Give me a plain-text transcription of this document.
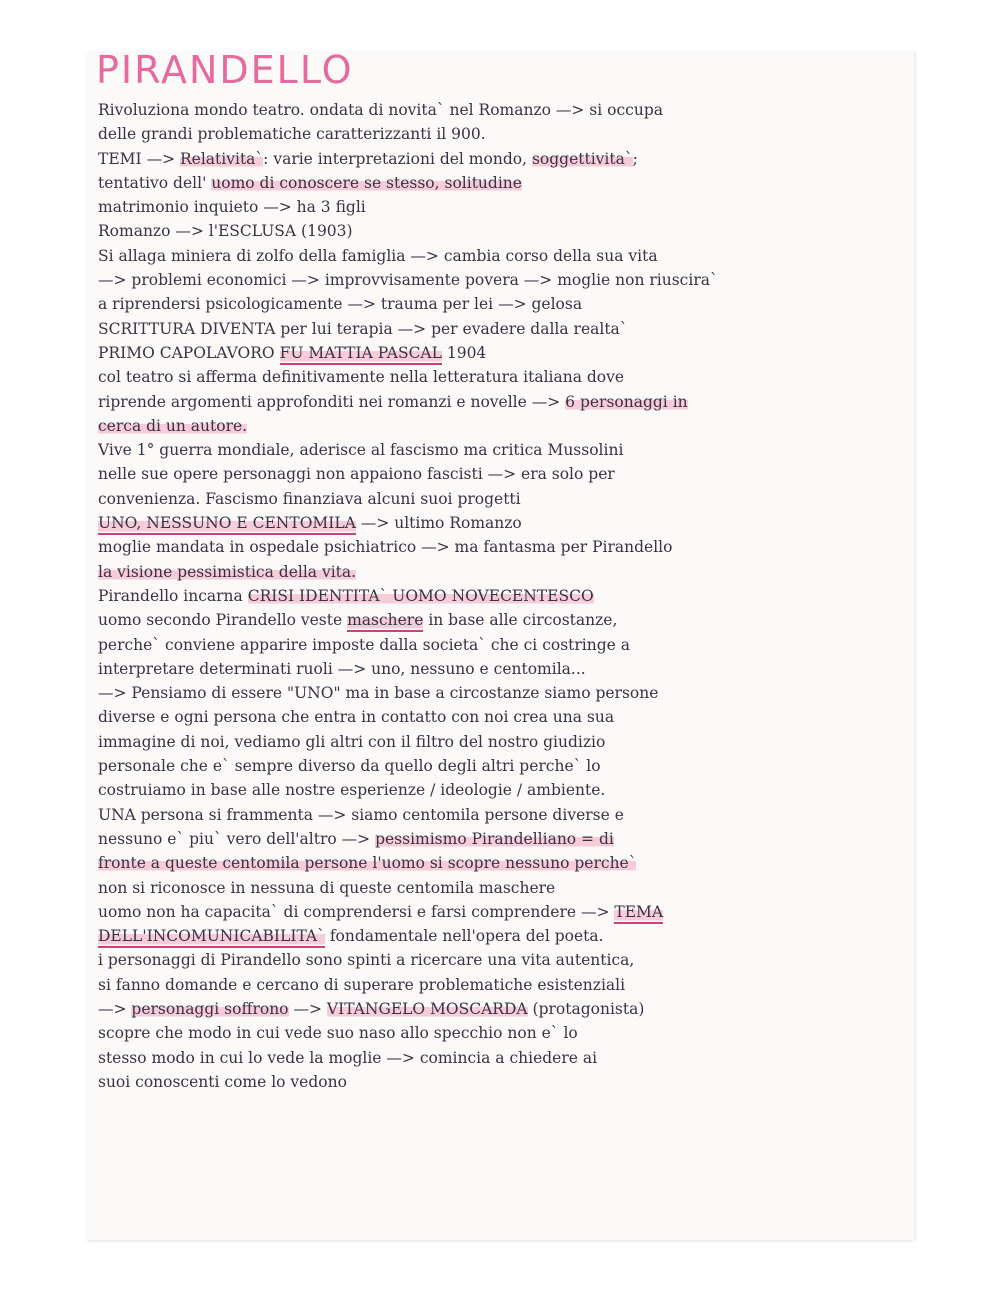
PIRANDELLO
Rivoluziona mondo teatro. ondata di novita` nel Romanzo —> si occupa
delle grandi problematiche caratterizzanti il 900.
TEMI —> Relativita`: varie interpretazioni del mondo, soggettivita`;
tentativo dell' uomo di conoscere se stesso, solitudine
matrimonio inquieto —> ha 3 figli
Romanzo —> l'ESCLUSA (1903)
Si allaga miniera di zolfo della famiglia —> cambia corso della sua vita
—> problemi economici —> improvvisamente povera —> moglie non riuscira`
a riprendersi psicologicamente —> trauma per lei —> gelosa
SCRITTURA DIVENTA per lui terapia —> per evadere dalla realta`
PRIMO CAPOLAVORO FU MATTIA PASCAL 1904
col teatro si afferma definitivamente nella letteratura italiana dove
riprende argomenti approfonditi nei romanzi e novelle —> 6 personaggi in
cerca di un autore.
Vive 1° guerra mondiale, aderisce al fascismo ma critica Mussolini
nelle sue opere personaggi non appaiono fascisti —> era solo per
convenienza. Fascismo finanziava alcuni suoi progetti
UNO, NESSUNO E CENTOMILA —> ultimo Romanzo
moglie mandata in ospedale psichiatrico —> ma fantasma per Pirandello
la visione pessimistica della vita.
Pirandello incarna CRISI IDENTITA` UOMO NOVECENTESCO
uomo secondo Pirandello veste maschere in base alle circostanze,
perche` conviene apparire imposte dalla societa` che ci costringe a
interpretare determinati ruoli —> uno, nessuno e centomila...
—> Pensiamo di essere "UNO" ma in base a circostanze siamo persone
diverse e ogni persona che entra in contatto con noi crea una sua
immagine di noi, vediamo gli altri con il filtro del nostro giudizio
personale che e` sempre diverso da quello degli altri perche` lo
costruiamo in base alle nostre esperienze / ideologie / ambiente.
UNA persona si frammenta —> siamo centomila persone diverse e
nessuno e` piu` vero dell'altro —> pessimismo Pirandelliano = di
fronte a queste centomila persone l'uomo si scopre nessuno perche`
non si riconosce in nessuna di queste centomila maschere
uomo non ha capacita` di comprendersi e farsi comprendere —> TEMA
DELL'INCOMUNICABILITA` fondamentale nell'opera del poeta.
i personaggi di Pirandello sono spinti a ricercare una vita autentica,
si fanno domande e cercano di superare problematiche esistenziali
—> personaggi soffrono —> VITANGELO MOSCARDA (protagonista)
scopre che modo in cui vede suo naso allo specchio non e` lo
stesso modo in cui lo vede la moglie —> comincia a chiedere ai
suoi conoscenti come lo vedono
